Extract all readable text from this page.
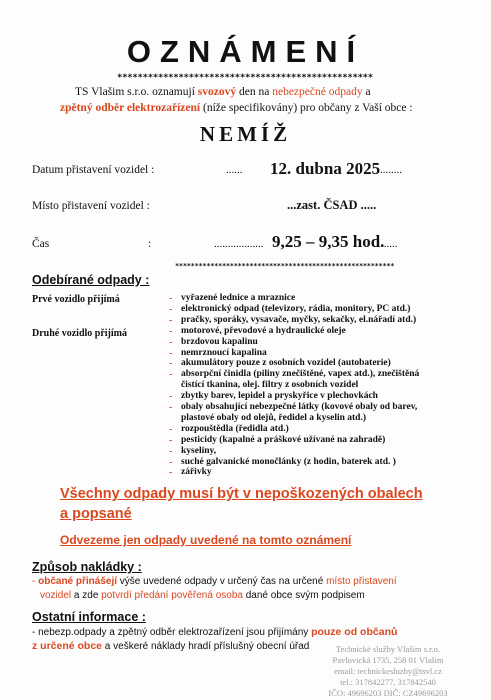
OZNÁMENÍ
**************************************************
TS Vlašim s.r.o. oznamují svozový den na nebezpečné odpady a
zpětný odběr elektrozařízení (níže specifikovány) pro občany z Vaší obce :
NEMÍŽ
Datum přistavení vozidel :	...... 12. dubna 2025 ........
Místo přistavení vozidel :	...zast. ČSAD .....
Čas	:	.................. 9,25 – 9,35 hod.
......
********************************************************
Odebírané odpady :
Prvé vozidlo přijímá
Druhé vozidlo přijímá
- vyřazené lednice a mraznice
- elektronický odpad (televizory, rádia, monitory, PC atd.)
- pračky, sporáky, vysavače, myčky, sekačky, el.nářadí atd.)
- motorové, převodové a hydraulické oleje
- brzdovou kapalinu
- nemrznoucí kapalina
- akumulátory pouze z osobních vozidel (autobaterie)
- absorpční činidla (piliny znečištěné, vapex atd.), znečištěná
čistící tkanina, olej. filtry z osobních vozidel
- zbytky barev, lepidel a pryskyřice v plechovkách
- obaly obsahující nebezpečné látky (kovové obaly od barev,
plastové obaly od olejů, ředidel a kyselin atd.)
- rozpouštědla (ředidla atd.)
- pesticidy (kapalné a práškové užívané na zahradě)
- kyseliny,
- suché galvanické monočlánky (z hodin, baterek atd. )
- zářivky
Všechny odpady musí být v nepoškozených obalech
a popsané
Odvezeme jen odpady uvedené na tomto oznámení
Způsob nakládky :
- občané přinášejí výše uvedené odpady v určený čas na určené místo přistavení
vozidel a zde potvrdí předání pověřená osoba dané obce svým podpisem
Ostatní informace :
- nebezp.odpady a zpětný odběr elektrozařízení jsou přijímány pouze od občanů
z určené obce a veškeré náklady hradí příslušný obecní úřad	Technické služby Vlašim s.r.o.
Pavlovická 1735, 258 01 Vlašim
email: technickesluzby@tsvl.cz
tel.: 317842277, 317842540
IČO: 49696203 DIČ: CZ49696203
